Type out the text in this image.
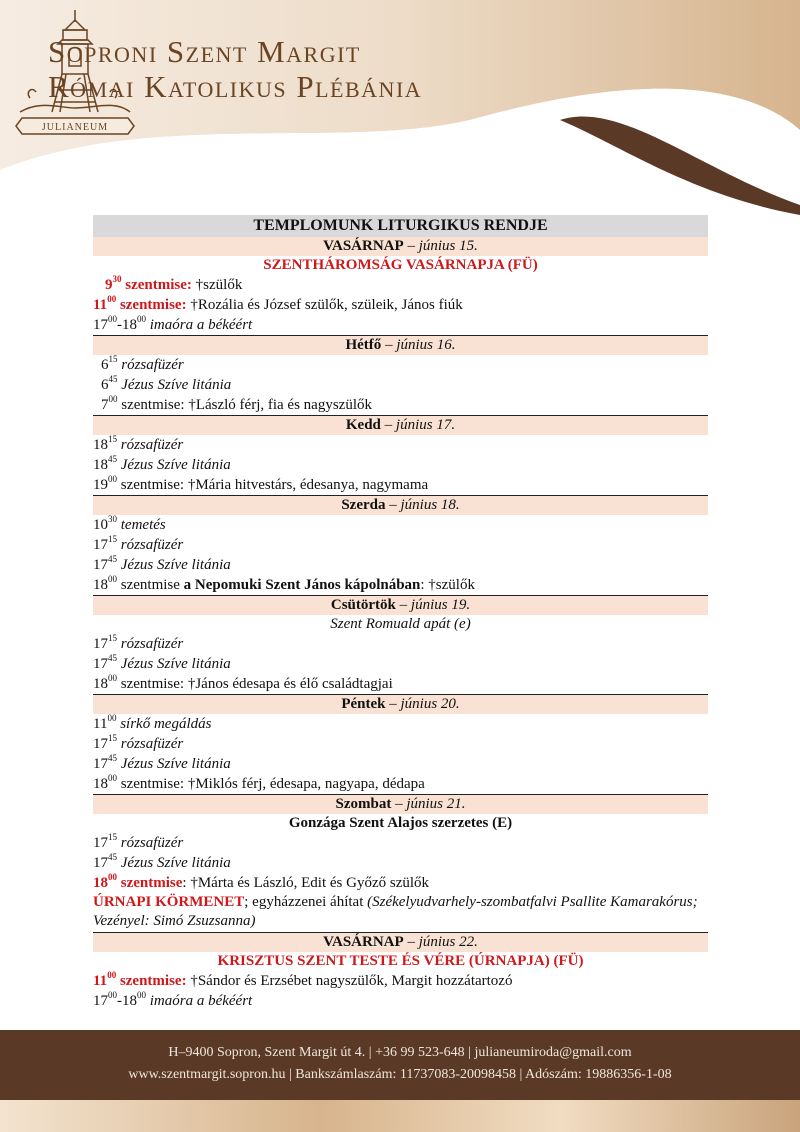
Soproni Szent Margit
Római Katolikus Plébánia
JULIANEUM
TEMPLOMUNK LITURGIKUS RENDJE
VASÁRNAP – június 15.
SZENTHÁROMSÁG VASÁRNAPJA (FÜ)
$9^{30}$ szentmise: †szülők
$11^{00}$ szentmise: †Rozália és József szülők, szüleik, János fiúk
$17^{00}-18^{00}$ imaóra a békéért
Hétfő – június 16.
$6^{15}$ rózsafüzér
$6^{45}$ Jézus Szíve litánia
$7^{00}$ szentmise: †László férj, fia és nagyszülők
Kedd – június 17.
$18^{15}$ rózsafüzér
$18^{45}$ Jézus Szíve litánia
$19^{00}$ szentmise: †Mária hitvestárs, édesanya, nagymama
Szerda – június 18.
$10^{30}$ temetés
$17^{15}$ rózsafüzér
$17^{45}$ Jézus Szíve litánia
$18^{00}$ szentmise a Nepomuki Szent János kápolnában: †szülők
Csütörtök – június 19.
Szent Romuald apát (e)
$17^{15}$ rózsafüzér
$17^{45}$ Jézus Szíve litánia
$18^{00}$ szentmise: †János édesapa és élő családtagjai
Péntek – június 20.
$11^{00}$ sírkő megáldás
$17^{15}$ rózsafüzér
$17^{45}$ Jézus Szíve litánia
$18^{00}$ szentmise: †Miklós férj, édesapa, nagyapa, dédapa
Szombat – június 21.
Gonzága Szent Alajos szerzetes (E)
$17^{15}$ rózsafüzér
$17^{45}$ Jézus Szíve litánia
$18^{00}$ szentmise: †Márta és László, Edit és Győző szülők
ÚRNAPI KÖRMENET; egyházzenei áhítat (Székelyudvarhely-szombatfalvi Psallite Kamarakórus; Vezényel: Simó Zsuzsanna)
VASÁRNAP – június 22.
KRISZTUS SZENT TESTE ÉS VÉRE (ÚRNAPJA) (FÜ)
$11^{00}$ szentmise: †Sándor és Erzsébet nagyszülők, Margit hozzátartozó
$17^{00}-18^{00}$ imaóra a békéért
H–9400 Sopron, Szent Margit út 4. | +36 99 523-648 | julianeumiroda@gmail.com
www.szentmargit.sopron.hu | Bankszámlaszám: 11737083-20098458 | Adószám: 19886356-1-08
